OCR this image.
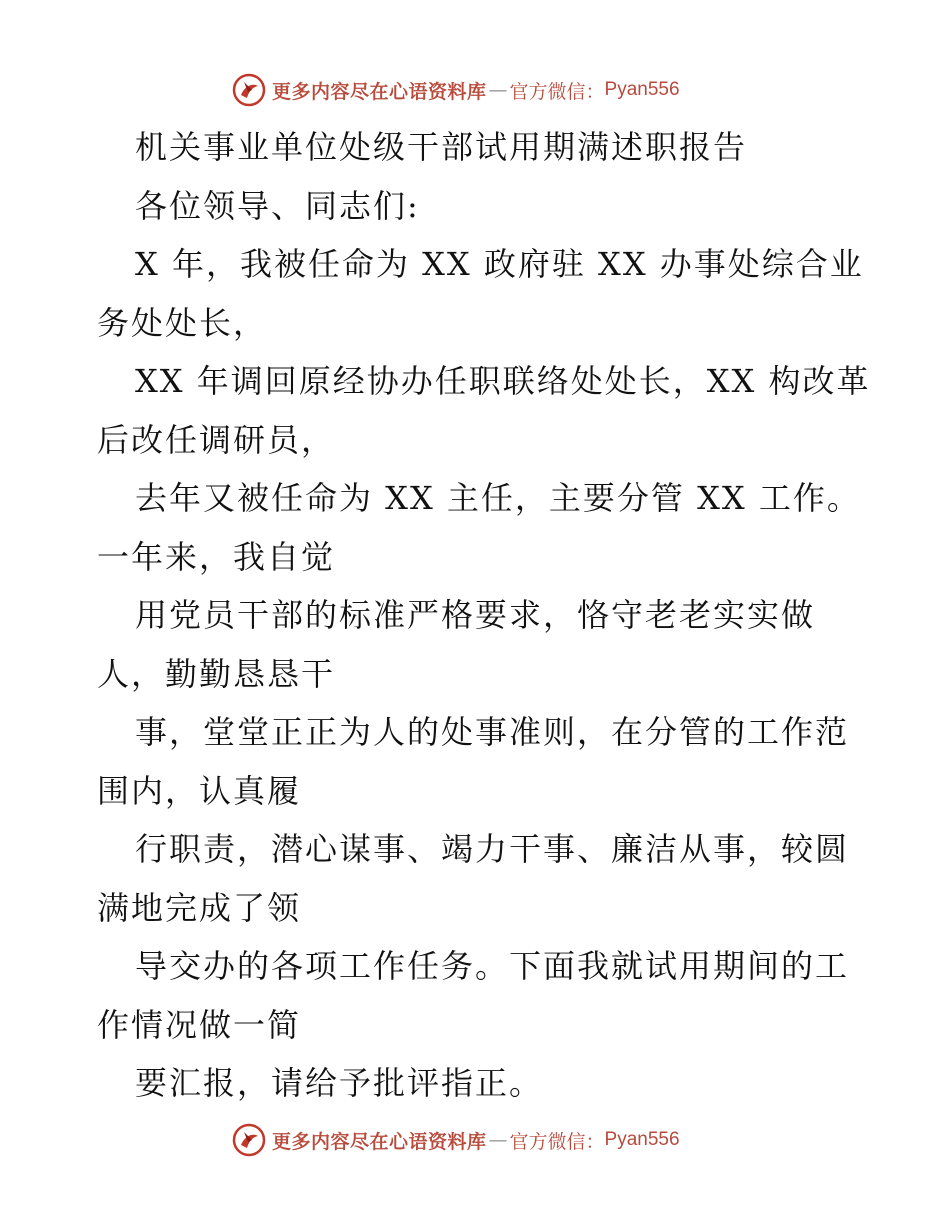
更多内容尽在心语资料库 — 官方微信： Pyan556
机关事业单位处级干部试用期满述职报告
各位领导、同志们:
X 年，我被任命为 XX 政府驻 XX 办事处综合业
务处处长，
XX 年调回原经协办任职联络处处长，XX 构改革
后改任调研员，
去年又被任命为 XX 主任，主要分管 XX 工作。
一年来，我自觉
用党员干部的标准严格要求，恪守老老实实做
人，勤勤恳恳干
事，堂堂正正为人的处事准则，在分管的工作范
围内，认真履
行职责，潜心谋事、竭力干事、廉洁从事，较圆
满地完成了领
导交办的各项工作任务。下面我就试用期间的工
作情况做一简
要汇报，请给予批评指正。
更多内容尽在心语资料库 — 官方微信： Pyan556
